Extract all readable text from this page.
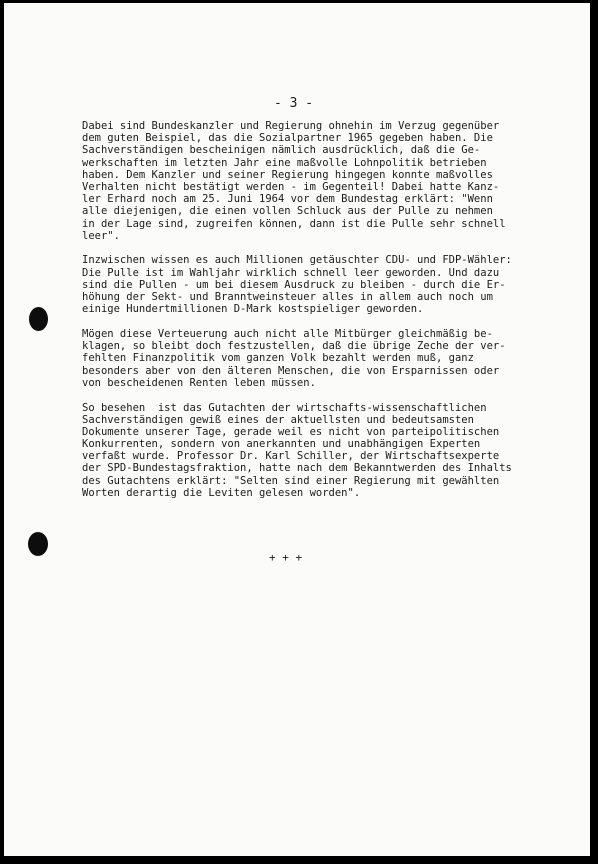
- 3 -
Dabei sind Bundeskanzler und Regierung ohnehin im Verzug gegenüber
dem guten Beispiel, das die Sozialpartner 1965 gegeben haben. Die
Sachverständigen bescheinigen nämlich ausdrücklich, daß die Ge-
werkschaften im letzten Jahr eine maßvolle Lohnpolitik betrieben
haben. Dem Kanzler und seiner Regierung hingegen konnte maßvolles
Verhalten nicht bestätigt werden - im Gegenteil! Dabei hatte Kanz-
ler Erhard noch am 25. Juni 1964 vor dem Bundestag erklärt: "Wenn
alle diejenigen, die einen vollen Schluck aus der Pulle zu nehmen
in der Lage sind, zugreifen können, dann ist die Pulle sehr schnell
leer".
Inzwischen wissen es auch Millionen getäuschter CDU- und FDP-Wähler:
Die Pulle ist im Wahljahr wirklich schnell leer geworden. Und dazu
sind die Pullen - um bei diesem Ausdruck zu bleiben - durch die Er-
höhung der Sekt- und Branntweinsteuer alles in allem auch noch um
einige Hundertmillionen D-Mark kostspieliger geworden.
Mögen diese Verteuerung auch nicht alle Mitbürger gleichmäßig be-
klagen, so bleibt doch festzustellen, daß die übrige Zeche der ver-
fehlten Finanzpolitik vom ganzen Volk bezahlt werden muß, ganz
besonders aber von den älteren Menschen, die von Ersparnissen oder
von bescheidenen Renten leben müssen.
So besehen  ist das Gutachten der wirtschafts-wissenschaftlichen
Sachverständigen gewiß eines der aktuellsten und bedeutsamsten
Dokumente unserer Tage, gerade weil es nicht von parteipolitischen
Konkurrenten, sondern von anerkannten und unabhängigen Experten
verfaßt wurde. Professor Dr. Karl Schiller, der Wirtschaftsexperte
der SPD-Bundestagsfraktion, hatte nach dem Bekanntwerden des Inhalts
des Gutachtens erklärt: "Selten sind einer Regierung mit gewählten
Worten derartig die Leviten gelesen worden".
+ + +
